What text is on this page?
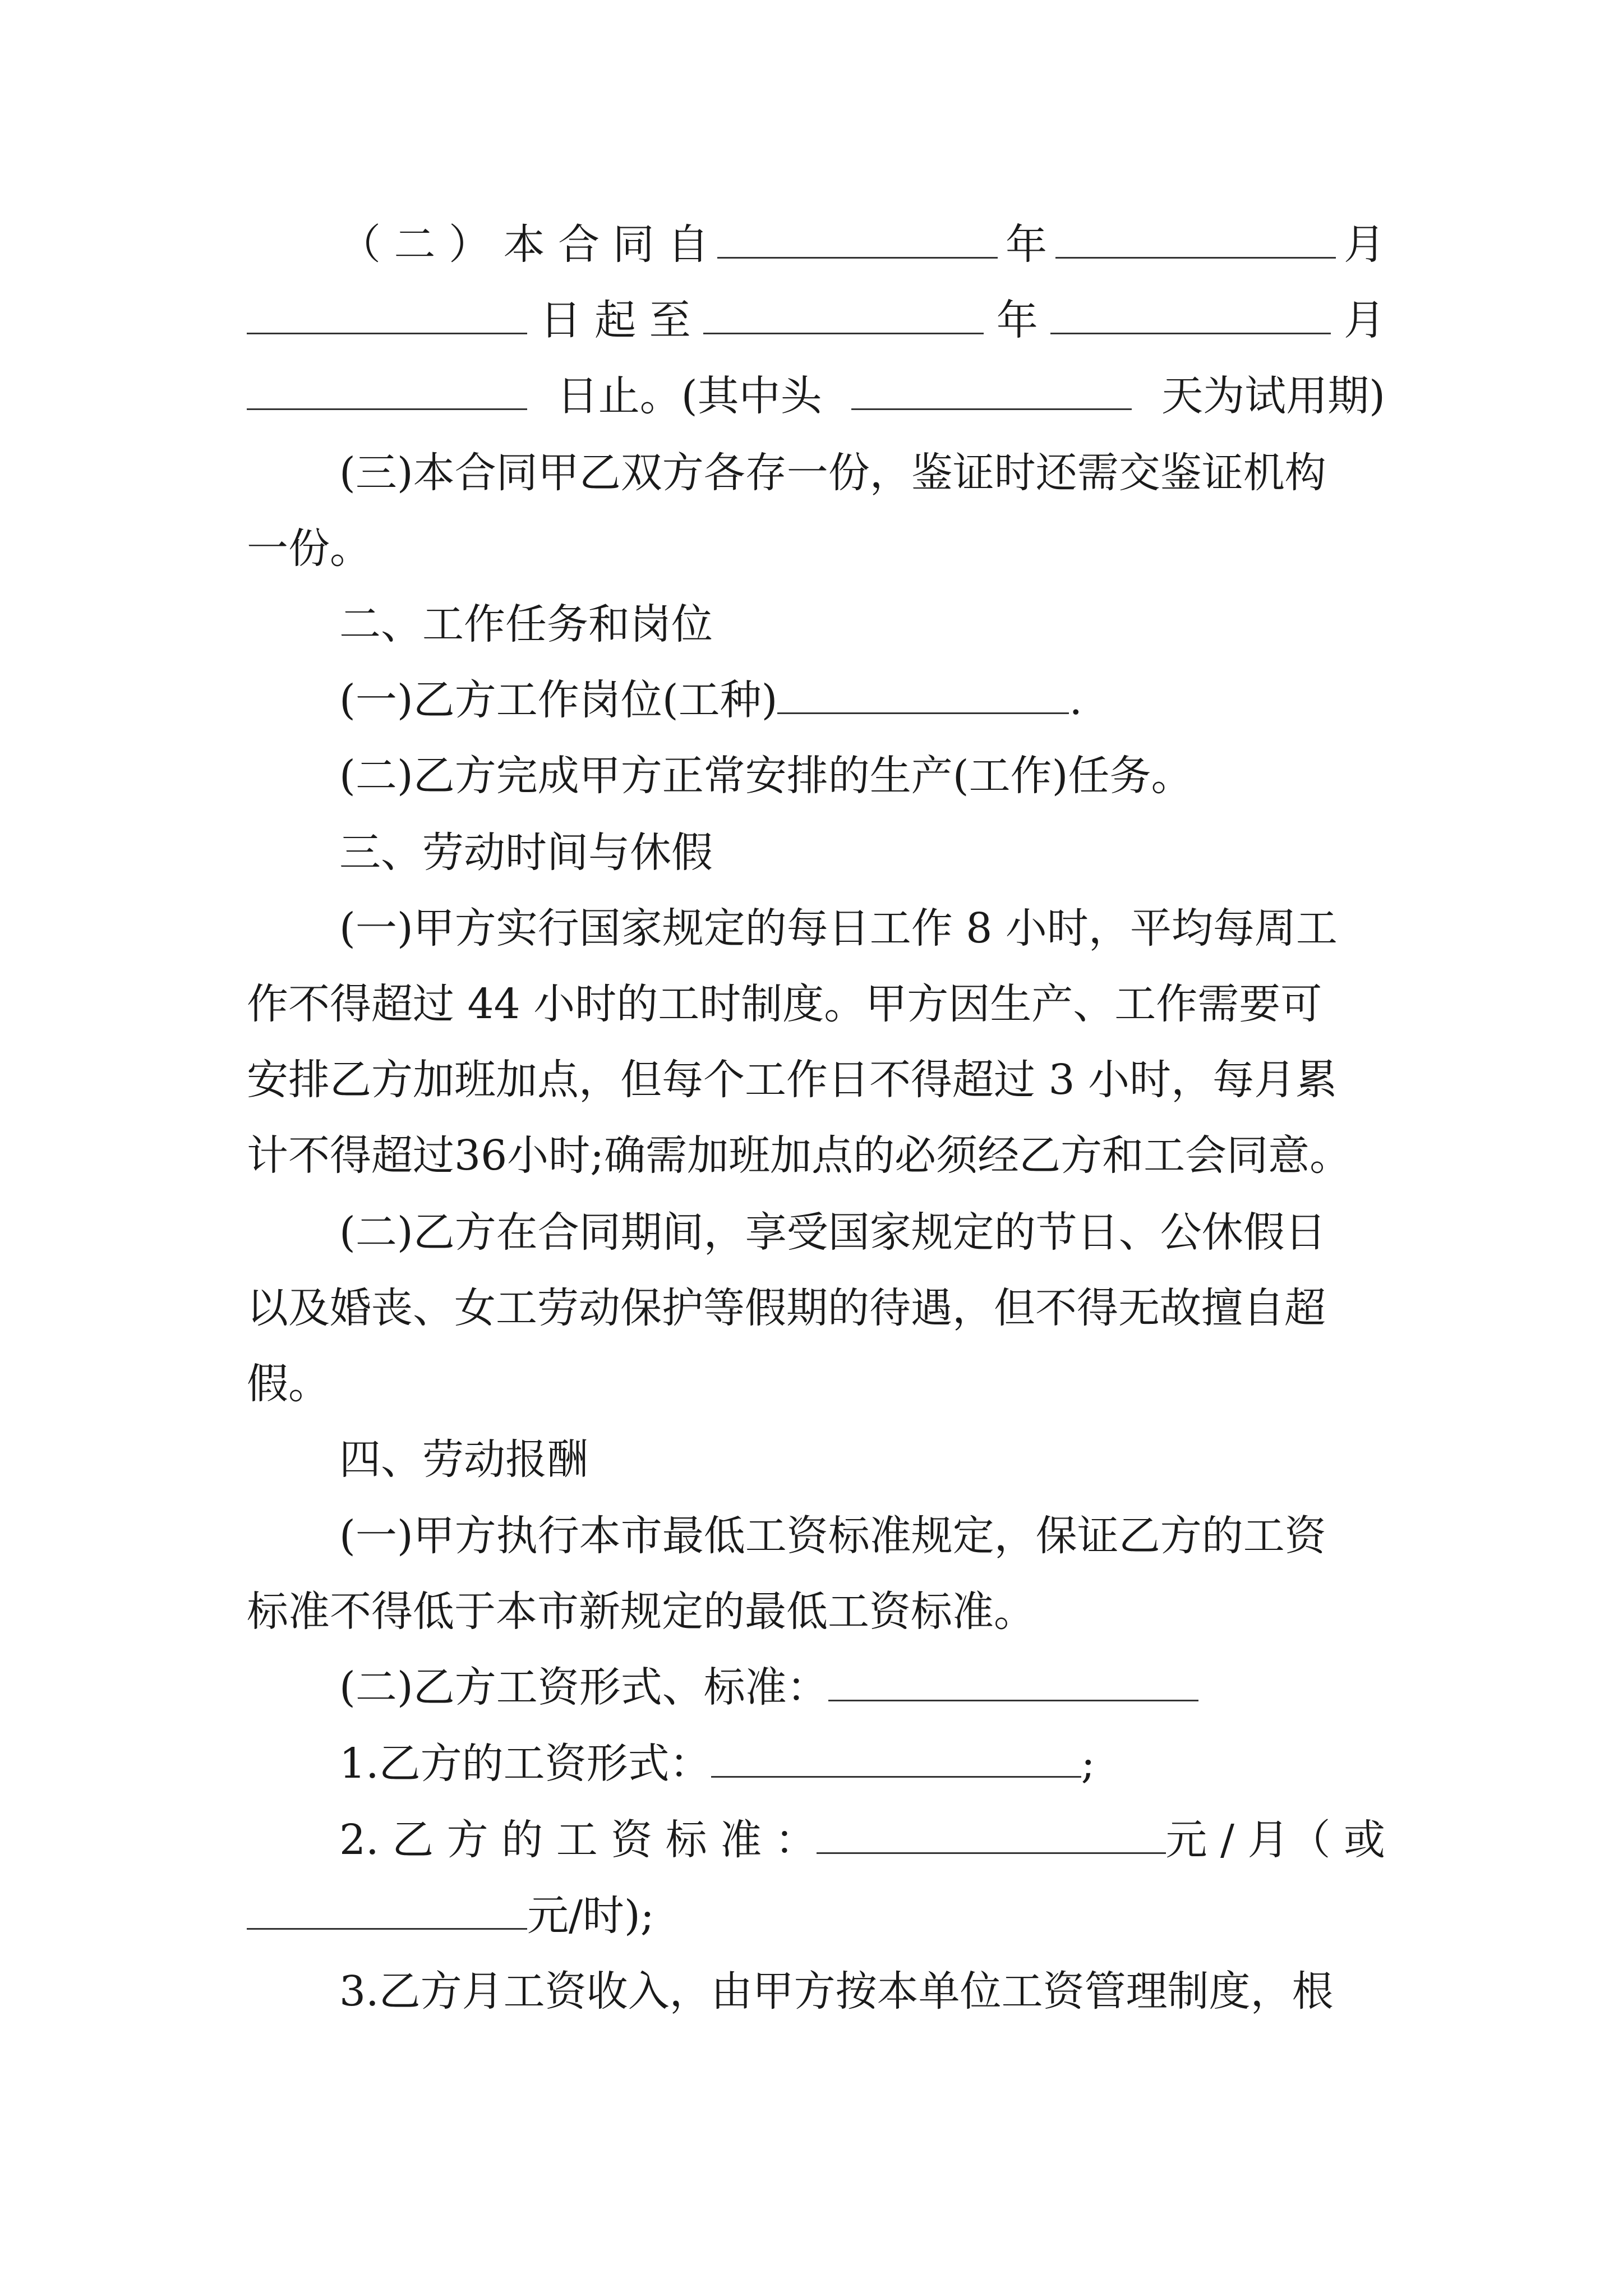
（ 二 ） 本 合 同 自	年	月
日 起 至	年	月
日止。(其中头	天为试用期)
(三)本合同甲乙双方各存一份，鉴证时还需交鉴证机构
一份。
二、工作任务和岗位
(一)乙方工作岗位(工种)	.
(二)乙方完成甲方正常安排的生产(工作)任务。
三、劳动时间与休假
(一)甲方实行国家规定的每日工作 8 小时，平均每周工
作不得超过 44 小时的工时制度。甲方因生产、工作需要可
安排乙方加班加点，但每个工作日不得超过 3 小时，每月累
计不得超过36小时;确需加班加点的必须经乙方和工会同意。
(二)乙方在合同期间，享受国家规定的节日、公休假日
以及婚丧、女工劳动保护等假期的待遇，但不得无故擅自超
假。
四、劳动报酬
(一)甲方执行本市最低工资标准规定，保证乙方的工资
标准不得低于本市新规定的最低工资标准。
(二)乙方工资形式、标准：
1.乙方的工资形式：	;
2. 乙 方 的 工 资 标 准 ：	元 / 月（ 或
元/时);
3.乙方月工资收入，由甲方按本单位工资管理制度，根
